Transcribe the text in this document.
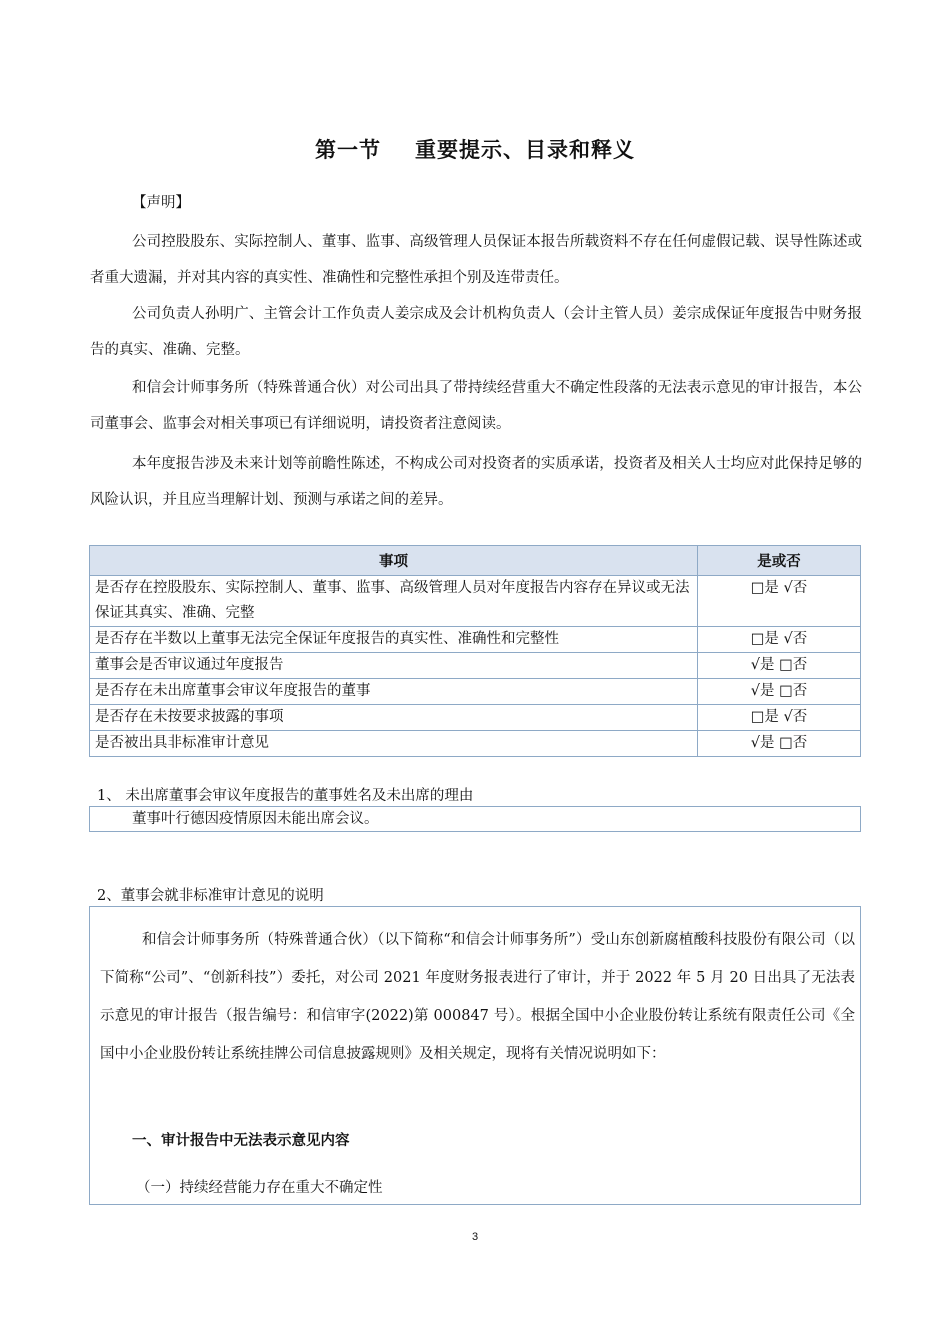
第一节 重要提示、目录和释义
【声明】

公司控股股东、实际控制人、董事、监事、高级管理人员保证本报告所载资料不存在任何虚假记载、误导性陈述或者重大遗漏，并对其内容的真实性、准确性和完整性承担个别及连带责任。

公司负责人孙明广、主管会计工作负责人姜宗成及会计机构负责人（会计主管人员）姜宗成保证年度报告中财务报告的真实、准确、完整。

和信会计师事务所（特殊普通合伙）对公司出具了带持续经营重大不确定性段落的无法表示意见的审计报告，本公司董事会、监事会对相关事项已有详细说明，请投资者注意阅读。

本年度报告涉及未来计划等前瞻性陈述，不构成公司对投资者的实质承诺，投资者及相关人士均应对此保持足够的风险认识，并且应当理解计划、预测与承诺之间的差异。

事项	是或否
是否存在控股股东、实际控制人、董事、监事、高级管理人员对年度报告内容存在异议或无法保证其真实、准确、完整	□是 √否
是否存在半数以上董事无法完全保证年度报告的真实性、准确性和完整性	□是 √否
董事会是否审议通过年度报告	√是 □否
是否存在未出席董事会审议年度报告的董事	√是 □否
是否存在未按要求披露的事项	□是 √否
是否被出具非标准审计意见	√是 □否
1、 未出席董事会审议年度报告的董事姓名及未出席的理由
董事叶行德因疫情原因未能出席会议。
2、董事会就非标准审计意见的说明

和信会计师事务所（特殊普通合伙）（以下简称“和信会计师事务所”）受山东创新腐植酸科技股份有限公司（以下简称“公司”、“创新科技”）委托，对公司 2021 年度财务报表进行了审计，并于 2022 年 5 月 20 日出具了无法表示意见的审计报告（报告编号：和信审字(2022)第 000847 号）。根据全国中小企业股份转让系统有限责任公司《全国中小企业股份转让系统挂牌公司信息披露规则》及相关规定，现将有关情况说明如下：

一、审计报告中无法表示意见内容
（一）持续经营能力存在重大不确定性
3
